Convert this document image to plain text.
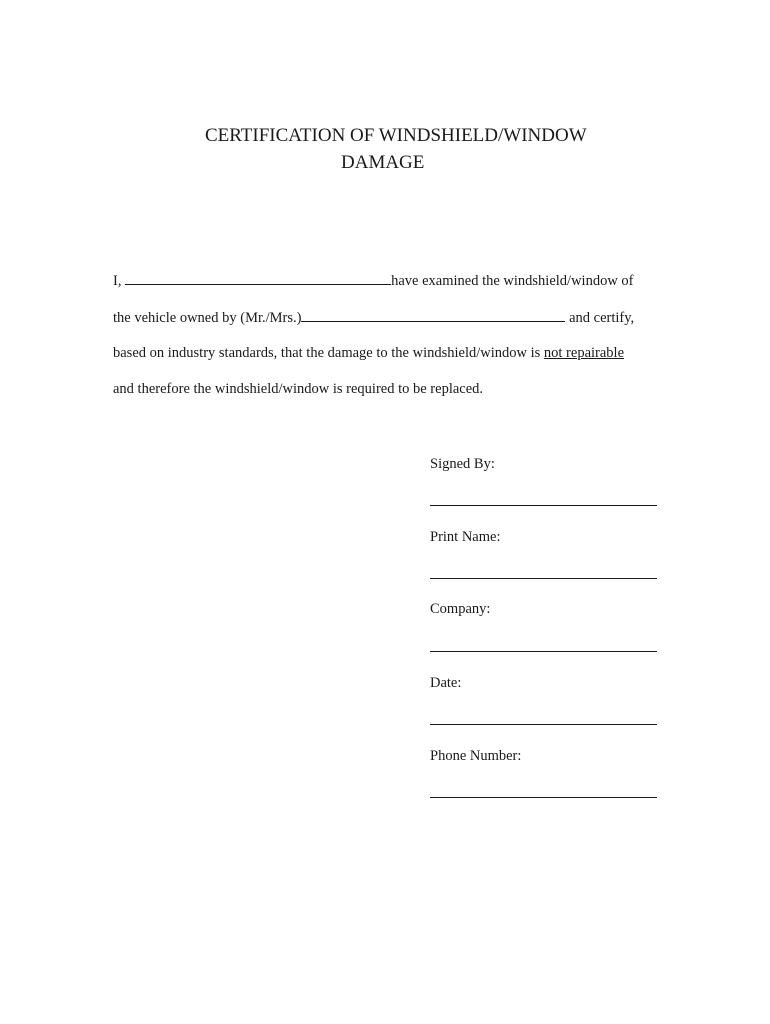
CERTIFICATION OF WINDSHIELD/WINDOW
DAMAGE
I,	have examined the windshield/window of
the vehicle owned by (Mr./Mrs.)	and certify,
based on industry standards, that the damage to the windshield/window is not repairable
and therefore the windshield/window is required to be replaced.
Signed By:
Print Name:
Company:
Date:
Phone Number:
